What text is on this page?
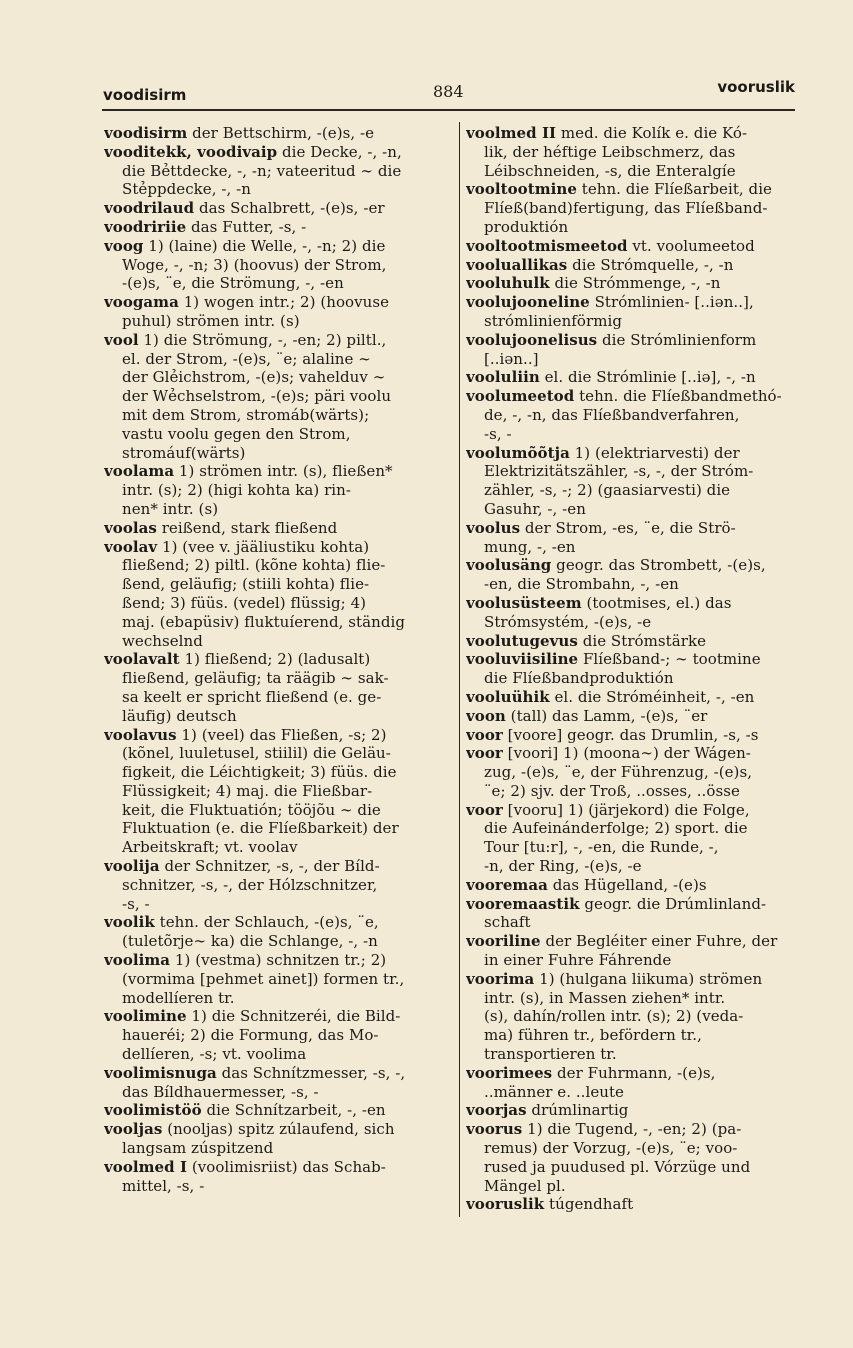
voodisirm	884	vooruslik
voodisirm der Bettschirm, -(e)s, -e
vooditekk, voodivaip die Decke, -, -n,
die Bẻttdecke, -, -n; vateeritud ∼ die
Stẻppdecke, -, -n
voodrilaud das Schalbrett, -(e)s, -er
voodririie das Futter, -s, -
voog 1) (laine) die Welle, -, -n; 2) die
Woge, -, -n; 3) (hoovus) der Strom,
-(e)s, ¨e, die Strömung, -, -en
voogama 1) wogen intr.; 2) (hoovuse
puhul) strömen intr. (s)
vool 1) die Strömung, -, -en; 2) piltl.,
el. der Strom, -(e)s, ¨e; alaline ∼
der Glẻichstrom, -(e)s; vahelduv ∼
der Wẻchselstrom, -(e)s; päri voolu
mit dem Strom, stromáb(wärts);
vastu voolu gegen den Strom,
stromáuf(wärts)
voolama 1) strömen intr. (s), fließen*
intr. (s); 2) (higi kohta ka) rin-
nen* intr. (s)
voolas reißend, stark fließend
voolav 1) (vee v. jääliustiku kohta)
fließend; 2) piltl. (kõne kohta) flie-
ßend, geläufig; (stiili kohta) flie-
ßend; 3) füüs. (vedel) flüssig; 4)
maj. (ebapüsiv) fluktuíerend, ständig
wechselnd
voolavalt 1) fließend; 2) (ladusalt)
fließend, geläufig; ta räägib ∼ sak-
sa keelt er spricht fließend (e. ge-
läufig) deutsch
voolavus 1) (veel) das Fließen, -s; 2)
(kõnel, luuletusel, stiilil) die Geläu-
figkeit, die Léichtigkeit; 3) füüs. die
Flüssigkeit; 4) maj. die Fließbar-
keit, die Fluktuatión; tööjõu ∼ die
Fluktuation (e. die Flíeßbarkeit) der
Arbeitskraft; vt. voolav
voolija der Schnitzer, -s, -, der Bíld-
schnitzer, -s, -, der Hólzschnitzer,
-s, -
voolik tehn. der Schlauch, -(e)s, ¨e,
(tuletõrje∼ ka) die Schlange, -, -n
voolima 1) (vestma) schnitzen tr.; 2)
(vormima [pehmet ainet]) formen tr.,
modellíeren tr.
voolimine 1) die Schnitzeréi, die Bild-
haueréi; 2) die Formung, das Mo-
dellíeren, -s; vt. voolima
voolimisnuga das Schnítzmesser, -s, -,
das Bíldhauermesser, -s, -
voolimistöö die Schnítzarbeit, -, -en
vooljas (nooljas) spitz zúlaufend, sich
langsam zúspitzend
voolmed I (voolimisriist) das Schab-
mittel, -s, -
voolmed II med. die Kolík e. die Kó-
lik, der héftige Leibschmerz, das
Léibschneiden, -s, die Enteralgíe
vooltootmine tehn. die Flíeßarbeit, die
Flíeß(band)fertigung, das Flíeßband-
produktión
vooltootmismeetod vt. voolumeetod
vooluallikas die Strómquelle, -, -n
vooluhulk die Strómmenge, -, -n
voolujooneline Strómlinien- [..iən..],
strómlinienförmig
voolujoonelisus die Strómlinienform
[..iən..]
vooluliin el. die Strómlinie [..iə], -, -n
voolumeetod tehn. die Flíeßbandmethó-
de, -, -n, das Flíeßbandverfahren,
-s, -
voolumõõtja 1) (elektriarvesti) der
Elektrizitätszähler, -s, -, der Stróm-
zähler, -s, -; 2) (gaasiarvesti) die
Gasuhr, -, -en
voolus der Strom, -es, ¨e, die Strö-
mung, -, -en
voolusäng geogr. das Strombett, -(e)s,
-en, die Strombahn, -, -en
voolusüsteem (tootmises, el.) das
Strómsystém, -(e)s, -e
voolutugevus die Strómstärke
vooluviisiline Flíeßband-; ∼ tootmine
die Flíeßbandproduktión
vooluühik el. die Stróméinheit, -, -en
voon (tall) das Lamm, -(e)s, ¨er
voor [voore] geogr. das Drumlin, -s, -s
voor [voori] 1) (moona∼) der Wágen-
zug, -(e)s, ¨e, der Führenzug, -(e)s,
¨e; 2) sjv. der Troß, ..osses, ..össe
voor [vooru] 1) (järjekord) die Folge,
die Aufeinánderfolge; 2) sport. die
Tour [tu:r], -, -en, die Runde, -,
-n, der Ring, -(e)s, -e
vooremaa das Hügelland, -(e)s
vooremaastik geogr. die Drúmlinland-
schaft
vooriline der Begléiter einer Fuhre, der
in einer Fuhre Fáhrende
voorima 1) (hulgana liikuma) strömen
intr. (s), in Massen ziehen* intr.
(s), dahín/rollen intr. (s); 2) (veda-
ma) führen tr., befördern tr.,
transportieren tr.
voorimees der Fuhrmann, -(e)s,
..männer e. ..leute
voorjas drúmlinartig
voorus 1) die Tugend, -, -en; 2) (pa-
remus) der Vorzug, -(e)s, ¨e; voo-
rused ja puudused pl. Vórzüge und
Mängel pl.
vooruslik túgendhaft
